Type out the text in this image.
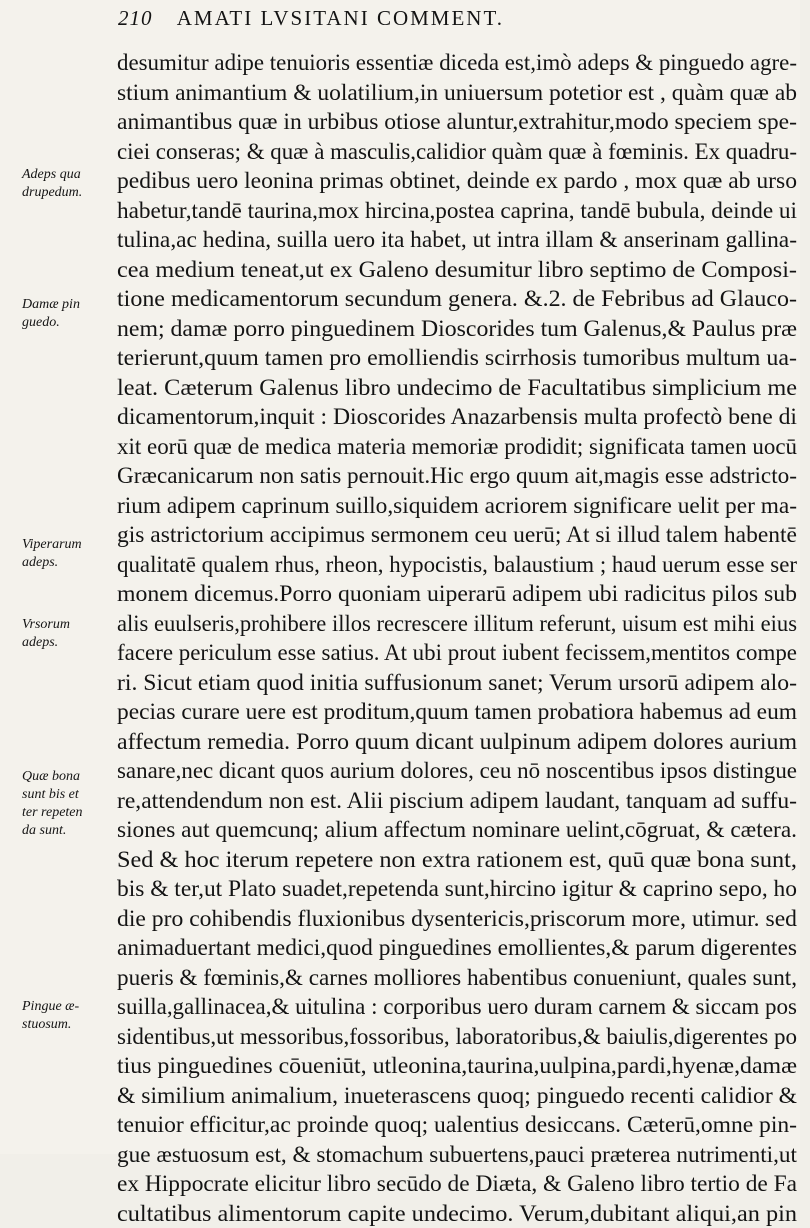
210 AMATI LVSITANI COMMENT.
desumitur adipe tenuioris essentiæ diceda est,imò adeps & pinguedo agre-
stium animantium & uolatilium,in uniuersum potetior est , quàm quæ ab
animantibus quæ in urbibus otiose aluntur,extrahitur,modo speciem spe-
ciei conseras; & quæ à masculis,calidior quàm quæ à fœminis. Ex quadru-
pedibus uero leonina primas obtinet, deinde ex pardo , mox quæ ab urso
habetur,tandē taurina,mox hircina,postea caprina, tandē bubula, deinde ui
tulina,ac hedina, suilla uero ita habet, ut intra illam & anserinam gallina-
cea medium teneat,ut ex Galeno desumitur libro septimo de Composi-
tione medicamentorum secundum genera. &.2. de Febribus ad Glauco-
nem; damæ porro pinguedinem Dioscorides tum Galenus,& Paulus præ
terierunt,quum tamen pro emolliendis scirrhosis tumoribus multum ua-
leat. Cæterum Galenus libro undecimo de Facultatibus simplicium me
dicamentorum,inquit : Dioscorides Anazarbensis multa profectò bene di
xit eorū quæ de medica materia memoriæ prodidit; significata tamen uocū
Græcanicarum non satis pernouit.Hic ergo quum ait,magis esse adstricto-
rium adipem caprinum suillo,siquidem acriorem significare uelit per ma-
gis astrictorium accipimus sermonem ceu uerū; At si illud talem habentē
qualitatē qualem rhus, rheon, hypocistis, balaustium ; haud uerum esse ser
monem dicemus.Porro quoniam uiperarū adipem ubi radicitus pilos sub
alis euulseris,prohibere illos recrescere illitum referunt, uisum est mihi eius
facere periculum esse satius. At ubi prout iubent fecissem,mentitos compe
ri. Sicut etiam quod initia suffusionum sanet; Verum ursorū adipem alo-
pecias curare uere est proditum,quum tamen probatiora habemus ad eum
affectum remedia. Porro quum dicant uulpinum adipem dolores aurium
sanare,nec dicant quos aurium dolores, ceu nō noscentibus ipsos distingue
re,attendendum non est. Alii piscium adipem laudant, tanquam ad suffu-
siones aut quemcunq; alium affectum nominare uelint,cōgruat, & cætera.
Sed & hoc iterum repetere non extra rationem est, quū quæ bona sunt,
bis & ter,ut Plato suadet,repetenda sunt,hircino igitur & caprino sepo, ho
die pro cohibendis fluxionibus dysentericis,priscorum more, utimur. sed
animaduertant medici,quod pinguedines emollientes,& parum digerentes
pueris & fœminis,& carnes molliores habentibus conueniunt, quales sunt,
suilla,gallinacea,& uitulina : corporibus uero duram carnem & siccam pos
sidentibus,ut messoribus,fossoribus, laboratoribus,& baiulis,digerentes po
tius pinguedines cōueniūt, utleonina,taurina,uulpina,pardi,hyenæ,damæ
& similium animalium, inueterascens quoq; pinguedo recenti calidior &
tenuior efficitur,ac proinde quoq; ualentius desiccans. Cæterū,omne pin-
gue æstuosum est, & stomachum subuertens,pauci præterea nutrimenti,ut
ex Hippocrate elicitur libro secūdo de Diæta, & Galeno libro tertio de Fa
cultatibus alimentorum capite undecimo. Verum,dubitant aliqui,an pin
Adeps qua
drupedum.
Damæ pin
guedo.
Viperarum
adeps.
Vrsorum
adeps.
Quæ bona
sunt bis et
ter repeten
da sunt.
Pingue æ-
stuosum.
